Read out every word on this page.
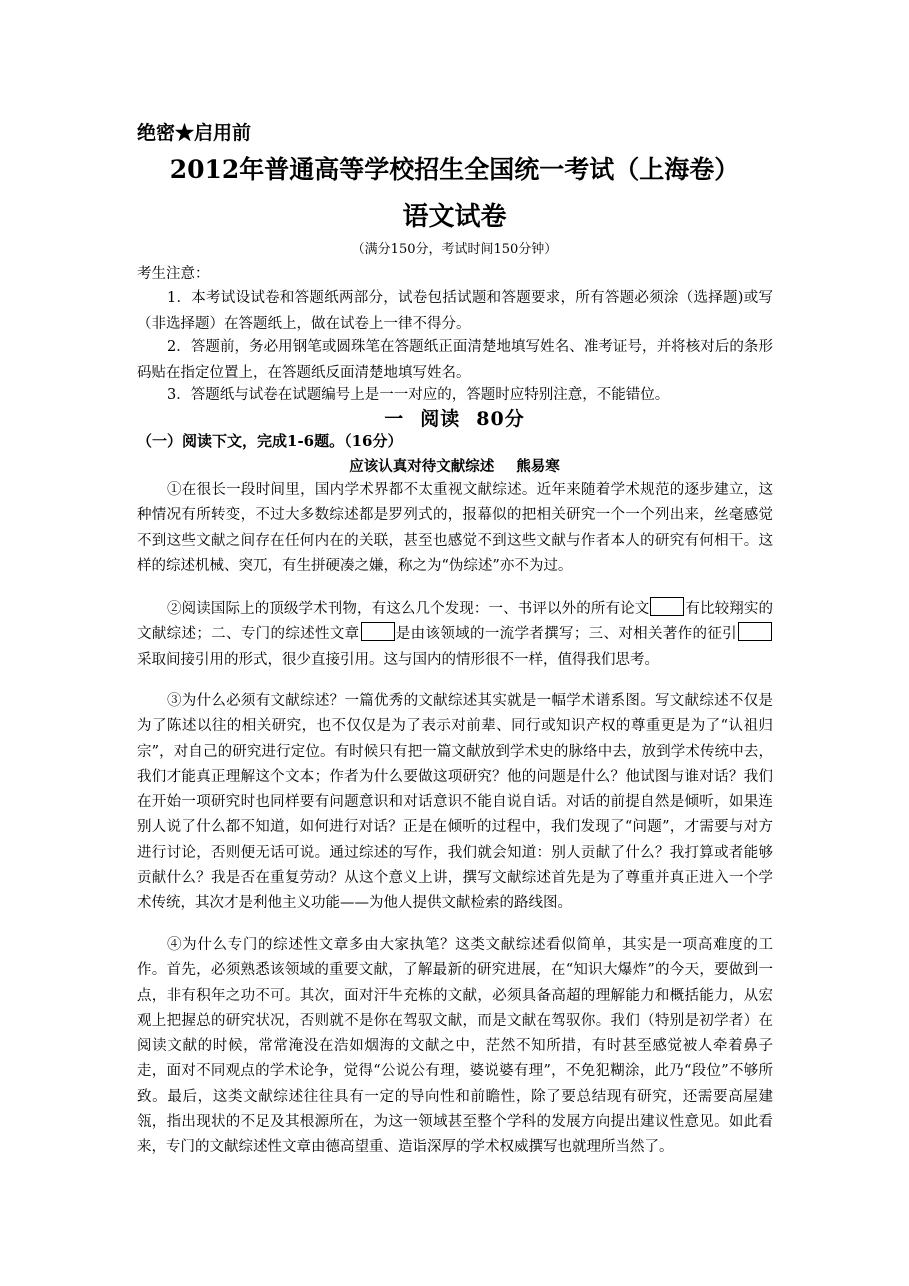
绝密★启用前
2012年普通高等学校招生全国统一考试（上海卷）
语文试卷
（满分150分，考试时间150分钟）
考生注意：
1．本考试设试卷和答题纸两部分，试卷包括试题和答题要求，所有答题必须涂（选择题)或写（非选择题）在答题纸上，做在试卷上一律不得分。
2．答题前，务必用钢笔或圆珠笔在答题纸正面清楚地填写姓名、准考证号，并将核对后的条形码贴在指定位置上，在答题纸反面清楚地填写姓名。
3．答题纸与试卷在试题编号上是一一对应的，答题时应特别注意，不能错位。
一 阅读 80分
（一）阅读下文，完成1-6题。（16分）
应该认真对待文献综述 熊易寒
①在很长一段时间里，国内学术界都不太重视文献综述。近年来随着学术规范的逐步建立，这种情况有所转变，不过大多数综述都是罗列式的，报幕似的把相关研究一个一个列出来，丝毫感觉不到这些文献之间存在任何内在的关联，甚至也感觉不到这些文献与作者本人的研究有何相干。这样的综述机械、突兀，有生拼硬凑之嫌，称之为“伪综述”亦不为过。
②阅读国际上的顶级学术刊物，有这么几个发现：一、书评以外的所有论文 有比较翔实的文献综述；二、专门的综述性文章 是由该领域的一流学者撰写；三、对相关著作的征引采取间接引用的形式，很少直接引用。这与国内的情形很不一样，值得我们思考。
③为什么必须有文献综述？一篇优秀的文献综述其实就是一幅学术谱系图。写文献综述不仅是为了陈述以往的相关研究，也不仅仅是为了表示对前辈、同行或知识产权的尊重更是为了“认祖归宗”，对自己的研究进行定位。有时候只有把一篇文献放到学术史的脉络中去，放到学术传统中去，我们才能真正理解这个文本；作者为什么要做这项研究？他的问题是什么？他试图与谁对话？我们在开始一项研究时也同样要有问题意识和对话意识不能自说自话。对话的前提自然是倾听，如果连别人说了什么都不知道，如何进行对话？正是在倾听的过程中，我们发现了“问题”，才需要与对方进行讨论，否则便无话可说。通过综述的写作，我们就会知道：别人贡献了什么？我打算或者能够贡献什么？我是否在重复劳动？从这个意义上讲，撰写文献综述首先是为了尊重并真正进入一个学术传统，其次才是利他主义功能——为他人提供文献检索的路线图。
④为什么专门的综述性文章多由大家执笔？这类文献综述看似简单，其实是一项高难度的工作。首先，必须熟悉该领域的重要文献，了解最新的研究进展，在“知识大爆炸”的今天，要做到一点，非有积年之功不可。其次，面对汗牛充栋的文献，必须具备高超的理解能力和概括能力，从宏观上把握总的研究状况，否则就不是你在驾驭文献，而是文献在驾驭你。我们（特别是初学者）在阅读文献的时候，常常淹没在浩如烟海的文献之中，茫然不知所措，有时甚至感觉被人牵着鼻子走，面对不同观点的学术论争，觉得“公说公有理，婆说婆有理”，不免犯糊涂，此乃“段位”不够所致。最后，这类文献综述往往具有一定的导向性和前瞻性，除了要总结现有研究，还需要高屋建瓴，指出现状的不足及其根源所在，为这一领域甚至整个学科的发展方向提出建议性意见。如此看来，专门的文献综述性文章由德高望重、造诣深厚的学术权威撰写也就理所当然了。
